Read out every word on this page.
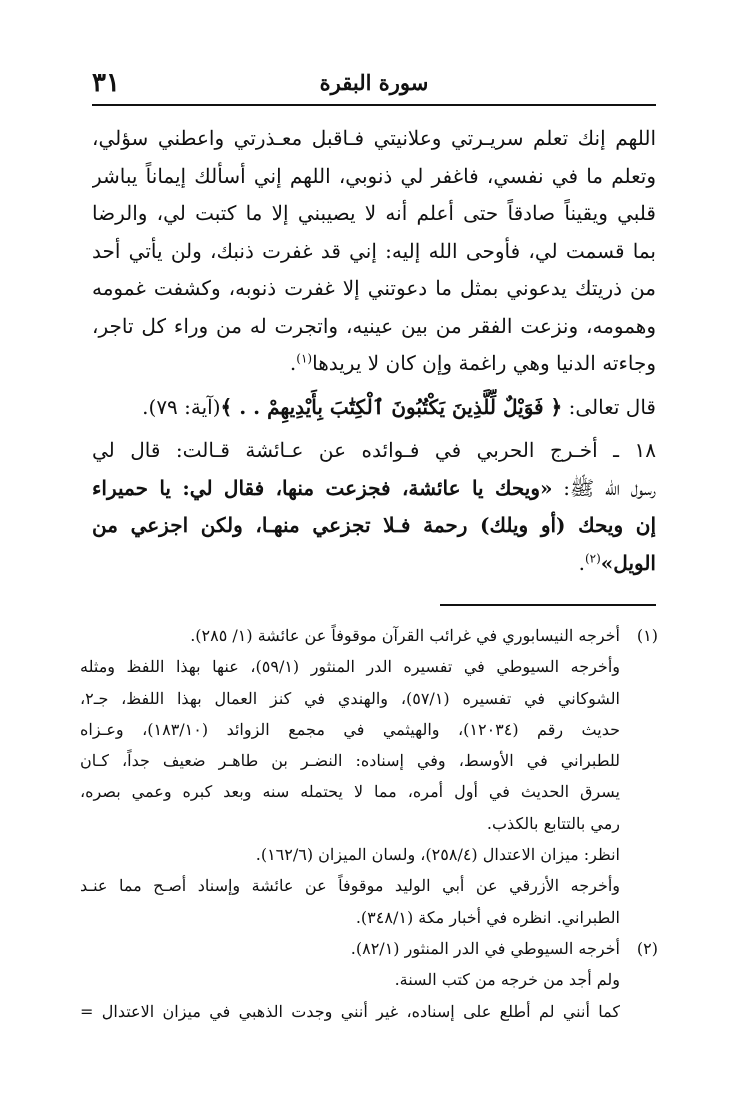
٣١	سورة البقرة
اللهم إنك تعلم سريـرتي وعلانيتي فـاقبل معـذرتي واعطني سؤلي،
وتعلم ما في نفسي، فاغفر لي ذنوبي، اللهم إني أسألك إيماناً يباشر
قلبي ويقيناً صادقاً حتى أعلم أنه لا يصيبني إلا ما كتبت لي، والرضا
بما قسمت لي، فأوحى الله إليه: إني قد غفرت ذنبك، ولن يأتي أحد
من ذريتك يدعوني بمثل ما دعوتني إلا غفرت ذنوبه، وكشفت غمومه
وهمومه، ونزعت الفقر من بين عينيه، واتجرت له من وراء كل تاجر،
وجاءته الدنيا وهي راغمة وإن كان لا يريدها$^{(١)}$.
قال تعالى: ﴿ فَوَيْلٌ لِّلَّذِينَ يَكْتُبُونَ ٱلْكِتَٰبَ بِأَيْدِيهِمْ . . ﴾(آية: ٧٩).
١٨ ـ أخـرج الحربي في فـوائده عن عـائشة قـالت: قال لي
رسول الله ﷺ: «ويحك يا عائشة، فجزعت منها، فقال لي: يا حميراء
إن ويحك (أو ويلك) رحمة فـلا تجزعي منهـا، ولكن اجزعي من
الويل»$^{(٢)}$.
(١)أخرجه النيسابوري في غرائب القرآن موقوفاً عن عائشة (١/ ٢٨٥).
وأخرجه السيوطي في تفسيره الدر المنثور (٥٩/١)، عنها بهذا اللفظ ومثله
الشوكاني في تفسيره (٥٧/١)، والهندي في كنز العمال بهذا اللفظ، جـ٢،
حديث رقم (١٢٠٣٤)، والهيثمي في مجمع الزوائد (١٨٣/١٠)، وعـزاه
للطبراني في الأوسط، وفي إسناده: النضـر بن طاهـر ضعيف جداً، كـان
يسرق الحديث في أول أمره، مما لا يحتمله سنه وبعد كبره وعمي بصره،
رمي بالتتابع بالكذب.
انظر: ميزان الاعتدال (٢٥٨/٤)، ولسان الميزان (١٦٢/٦).
وأخرجه الأزرقي عن أبي الوليد موقوفاً عن عائشة وإسناد أصـح مما عنـد
الطبراني. انظره في أخبار مكة (٣٤٨/١).
(٢)أخرجه السيوطي في الدر المنثور (٨٢/١).
ولم أجد من خرجه من كتب السنة.
كما أنني لم أطلع على إسناده، غير أنني وجدت الذهبي في ميزان الاعتدال =
